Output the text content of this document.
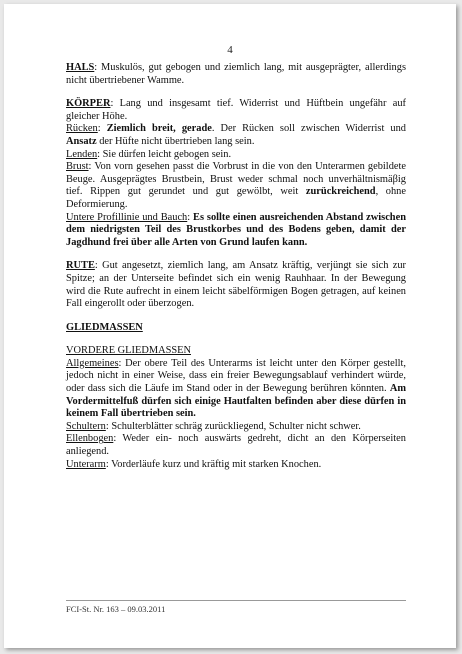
4

HALS: Muskulös, gut gebogen und ziemlich lang, mit ausgeprägter, allerdings nicht übertriebener Wamme.

KÖRPER: Lang und insgesamt tief. Widerrist und Hüftbein ungefähr auf gleicher Höhe.

Rücken: Ziemlich breit, gerade. Der Rücken soll zwischen Widerrist und Ansatz der Hüfte nicht übertrieben lang sein.

Lenden: Sie dürfen leicht gebogen sein.

Brust: Von vorn gesehen passt die Vorbrust in die von den Unterarmen gebildete Beuge. Ausgeprägtes Brustbein, Brust weder schmal noch unverhältnismäβig tief. Rippen gut gerundet und gut gewölbt, weit zurückreichend, ohne Deformierung.

Untere Profillinie und Bauch: Es sollte einen ausreichenden Abstand zwischen dem niedrigsten Teil des Brustkorbes und des Bodens geben, damit der Jagdhund frei über alle Arten von Grund laufen kann.

RUTE: Gut angesetzt, ziemlich lang, am Ansatz kräftig, verjüngt sie sich zur Spitze; an der Unterseite befindet sich ein wenig Rauhhaar. In der Bewegung wird die Rute aufrecht in einem leicht säbelförmigen Bogen getragen, auf keinen Fall eingerollt oder überzogen.

GLIEDMASSEN

VORDERE GLIEDMASSEN

Allgemeines: Der obere Teil des Unterarms ist leicht unter den Körper gestellt, jedoch nicht in einer Weise, dass ein freier Bewegungsablauf verhindert würde, oder dass sich die Läufe im Stand oder in der Bewegung berühren könnten. Am Vordermittelfuß dürfen sich einige Hautfalten befinden aber diese dürfen in keinem Fall übertrieben sein.

Schultern: Schulterblätter schräg zurückliegend, Schulter nicht schwer.

Ellenbogen: Weder ein- noch auswärts gedreht, dicht an den Körperseiten anliegend.

Unterarm: Vorderläufe kurz und kräftig mit starken Knochen.

FCI-St. Nr. 163 – 09.03.2011
